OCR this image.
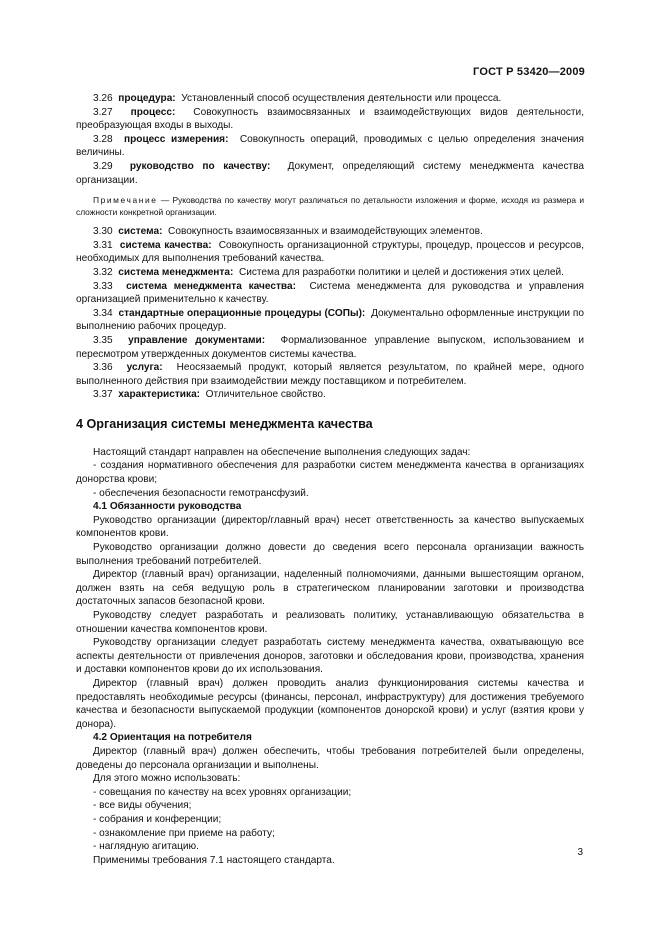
ГОСТ Р 53420—2009

3.26 процедура: Установленный способ осуществления деятельности или процесса.

3.27 процесс: Совокупность взаимосвязанных и взаимодействующих видов деятельности, преобразующая входы в выходы.

3.28 процесс измерения: Совокупность операций, проводимых с целью определения значения величины.

3.29 руководство по качеству: Документ, определяющий систему менеджмента качества организации.

Примечание — Руководства по качеству могут различаться по детальности изложения и форме, исходя из размера и сложности конкретной организации.

3.30 система: Совокупность взаимосвязанных и взаимодействующих элементов.

3.31 система качества: Совокупность организационной структуры, процедур, процессов и ресурсов, необходимых для выполнения требований качества.

3.32 система менеджмента: Система для разработки политики и целей и достижения этих целей.

3.33 система менеджмента качества: Система менеджмента для руководства и управления организацией применительно к качеству.

3.34 стандартные операционные процедуры (СОПы): Документально оформленные инструкции по выполнению рабочих процедур.

3.35 управление документами: Формализованное управление выпуском, использованием и пересмотром утвержденных документов системы качества.

3.36 услуга: Неосязаемый продукт, который является результатом, по крайней мере, одного выполненного действия при взаимодействии между поставщиком и потребителем.

3.37 характеристика: Отличительное свойство.

4 Организация системы менеджмента качества

Настоящий стандарт направлен на обеспечение выполнения следующих задач:

- создания нормативного обеспечения для разработки систем менеджмента качества в организациях донорства крови;

- обеспечения безопасности гемотрансфузий.

4.1 Обязанности руководства

Руководство организации (директор/главный врач) несет ответственность за качество выпускаемых компонентов крови.

Руководство организации должно довести до сведения всего персонала организации важность выполнения требований потребителей.

Директор (главный врач) организации, наделенный полномочиями, данными вышестоящим органом, должен взять на себя ведущую роль в стратегическом планировании заготовки и производства достаточных запасов безопасной крови.

Руководству следует разработать и реализовать политику, устанавливающую обязательства в отношении качества компонентов крови.

Руководству организации следует разработать систему менеджмента качества, охватывающую все аспекты деятельности от привлечения доноров, заготовки и обследования крови, производства, хранения и доставки компонентов крови до их использования.

Директор (главный врач) должен проводить анализ функционирования системы качества и предоставлять необходимые ресурсы (финансы, персонал, инфраструктуру) для достижения требуемого качества и безопасности выпускаемой продукции (компонентов донорской крови) и услуг (взятия крови у донора).

4.2 Ориентация на потребителя

Директор (главный врач) должен обеспечить, чтобы требования потребителей были определены, доведены до персонала организации и выполнены.

Для этого можно использовать:

- совещания по качеству на всех уровнях организации;

- все виды обучения;

- собрания и конференции;

- ознакомление при приеме на работу;

- наглядную агитацию.

Применимы требования 7.1 настоящего стандарта.

3
